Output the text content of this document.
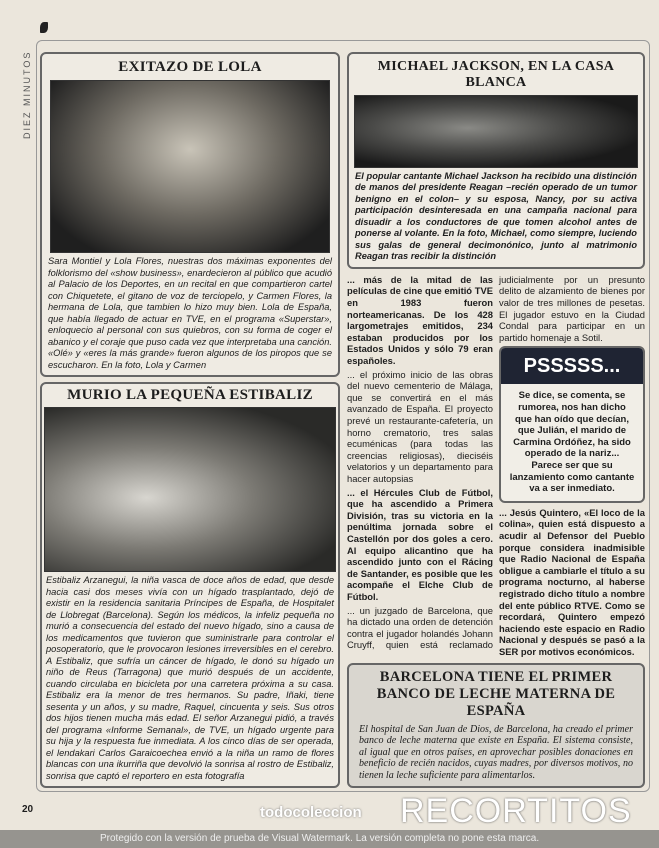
DIEZ MINUTOS	EXITAZO DE LOLA
Sara Montiel y Lola Flores, nuestras dos máximas exponentes del folklorismo del «show business», enardecieron al público que acudió al Palacio de los Deportes, en un recital en que compartieron cartel con Chiquetete, el gitano de voz de terciopelo, y Carmen Flores, la hermana de Lola, que tambien lo hizo muy bien. Lola de España, que había llegado de actuar en TVE, en el programa «Superstar», enloquecio al personal con sus quiebros, con su forma de coger el abanico y el coraje que puso cada vez que interpretaba una canción. «Olé» y «eres la más grande» fueron algunos de los piropos que se escucharon. En la foto, Lola y Carmen
MURIO LA PEQUEÑA ESTIBALIZ
Estibaliz Arzanegui, la niña vasca de doce años de edad, que desde hacia casi dos meses vivía con un hígado trasplantado, dejó de existir en la residencia sanitaria Príncipes de España, de Hospitalet de Llobregat (Barcelona). Según los médicos, la infeliz pequeña no murió a consecuencia del estado del nuevo hígado, sino a causa de los medicamentos que tuvieron que suministrarle para controlar el posoperatorio, que le provocaron lesiones irreversibles en el cerebro. A Estibaliz, que sufría un cáncer de hígado, le donó su hígado un niño de Reus (Tarragona) que murió después de un accidente, cuando circulaba en bicicleta por una carretera próxima a su casa. Estibaliz era la menor de tres hermanos. Su padre, Iñaki, tiene sesenta y un años, y su madre, Raquel, cincuenta y seis. Sus otros dos hijos tienen mucha más edad. El señor Arzanegui pidió, a través del programa «Informe Semanal», de TVE, un hígado urgente para su hija y la respuesta fue inmediata. A los cinco días de ser operada, el lendakari Carlos Garaicoechea envió a la niña un ramo de flores blancas con una ikurriña que devolvió la sonrisa al rostro de Estibaliz, sonrisa que captó el reportero en esta fotografía
MICHAEL JACKSON, EN LA CASA BLANCA
El popular cantante Michael Jackson ha recibido una distinción de manos del presidente Reagan –recién operado de un tumor benigno en el colon– y su esposa, Nancy, por su activa participación desinteresada en una campaña nacional para disuadir a los conductores de que tomen alcohol antes de ponerse al volante. En la foto, Michael, como siempre, luciendo sus galas de general decimonónico, junto al matrimonio Reagan tras recibir la distinción

... más de la mitad de las películas de cine que emitió TVE en 1983 fueron norteamericanas. De los 428 largometrajes emitidos, 234 estaban producidos por los Estados Unidos y sólo 79 eran españoles.

... el próximo inicio de las obras del nuevo cementerio de Málaga, que se convertirá en el más avanzado de España. El proyecto prevé un restaurante-cafetería, un horno crematorio, tres salas ecuménicas (para todas las creencias religiosas), dieciséis velatorios y un departamento para hacer autopsias

... el Hércules Club de Fútbol, que ha ascendido a Primera División, tras su victoria en la penúltima jornada sobre el Castellón por dos goles a cero. Al equipo alicantino que ha ascendido junto con el Rácing de Santander, es posible que les acompañe el Elche Club de Fútbol.

... un juzgado de Barcelona, que ha dictado una orden de detención contra el jugador holandés Johann Cruyff, quien está reclamado judicialmente por un presunto delito de alzamiento de bienes por valor de tres millones de pesetas. El jugador estuvo en la Ciudad Condal para participar en un partido homenaje a Sotil.

PSSSSS...
Se dice, se comenta, se rumorea, nos han dicho que han oído que decían, que Julián, el marido de Carmina Ordóñez, ha sido operado de la nariz... Parece ser que su lanzamiento como cantante va a ser inmediato.

... Jesús Quintero, «El loco de la colina», quien está dispuesto a acudir al Defensor del Pueblo porque considera inadmisible que Radio Nacional de España obligue a cambiarle el título a su programa nocturno, al haberse registrado dicho título a nombre del ente público RTVE. Como se recordará, Quintero empezó haciendo este espacio en Radio Nacional y después se pasó a la SER por motivos económicos.

BARCELONA TIENE EL PRIMER BANCO DE LECHE MATERNA DE ESPAÑA

El hospital de San Juan de Dios, de Barcelona, ha creado el primer banco de leche materna que existe en España. El sistema consiste, al igual que en otros países, en aprovechar posibles donaciones en beneficio de recién nacidos, cuyas madres, por diversos motivos, no tienen la leche suficiente para alimentarlos.

20	todocoleccion RECORTITOS
Protegido con la versión de prueba de Visual Watermark. La versión completa no pone esta marca.
